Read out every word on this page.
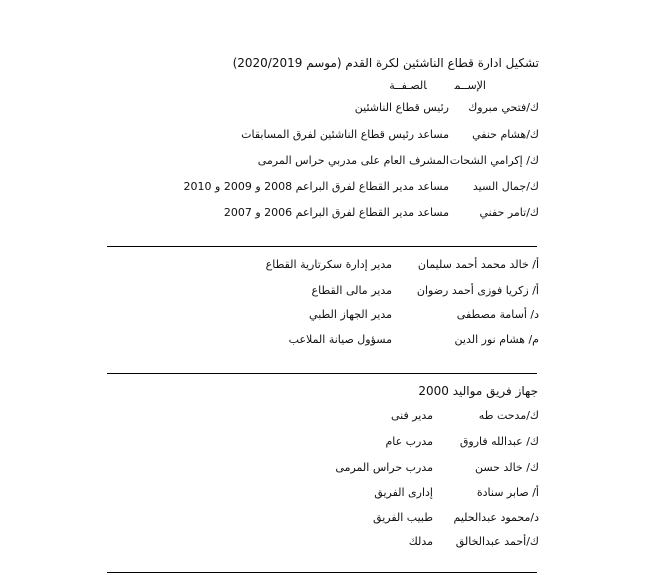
تشكيل ادارة قطاع الناشئين لكرة القدم (موسم 2020/2019)
الإســمالصـفــة
ك/فتحي مبروك
رئيس قطاع الناشئين
ك/هشام حنفي
مساعد رئيس قطاع الناشئين لفرق المسابقات
ك/ إكرامي الشحات
المشرف العام على مدربي حراس المرمى
ك/جمال السيد
مساعد مدير القطاع لفرق البراعم 2008 و 2009 و 2010
ك/تامر حفني
مساعد مدير القطاع لفرق البراعم 2006 و 2007
أ/ خالد محمد أحمد سليمان
مدير إدارة سكرتارية القطاع
أ/ زكريا فوزى أحمد رضوان
مدير مالى القطاع
د/ أسامة مصطفى
مدير الجهاز الطبي
م/ هشام نور الدين
مسؤول صيانة الملاعب
جهاز فريق مواليد 2000
ك/مدحت طه
مدير فنى
ك/ عبدالله فاروق
مدرب عام
ك/ خالد حسن
مدرب حراس المرمى
أ/ صابر سنادة
إدارى الفريق
د/محمود عبدالحليم
طبيب الفريق
ك/أحمد عبدالخالق
مدلك
